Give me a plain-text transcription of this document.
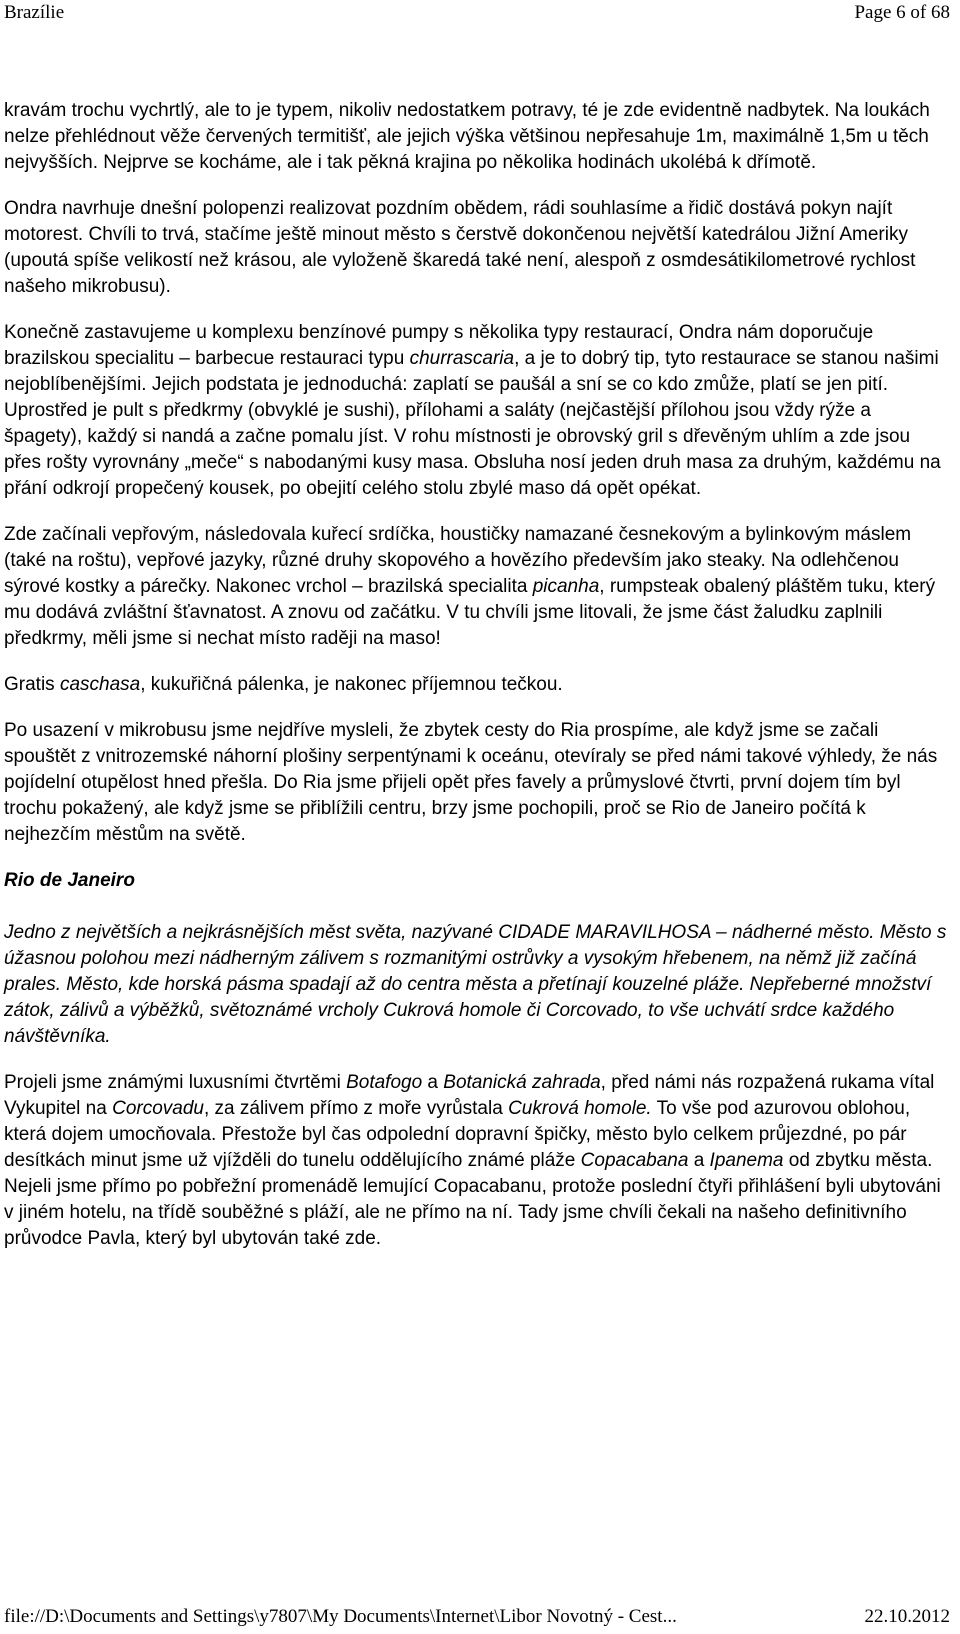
Brazílie	Page 6 of 68

kravám trochu vychrtlý, ale to je typem, nikoliv nedostatkem potravy, té je zde evidentně nadbytek. Na loukách nelze přehlédnout věže červených termitišť, ale jejich výška většinou nepřesahuje 1m, maximálně 1,5m u těch nejvyšších. Nejprve se kocháme, ale i tak pěkná krajina po několika hodinách ukolébá k dřímotě.

Ondra navrhuje dnešní polopenzi realizovat pozdním obědem, rádi souhlasíme a řidič dostává pokyn najít motorest. Chvíli to trvá, stačíme ještě minout město s čerstvě dokončenou největší katedrálou Jižní Ameriky (upoutá spíše velikostí než krásou, ale vyloženě škaredá také není, alespoň z osmdesátikilometrové rychlost našeho mikrobusu).

Konečně zastavujeme u komplexu benzínové pumpy s několika typy restaurací, Ondra nám doporučuje brazilskou specialitu – barbecue restauraci typu churrascaria, a je to dobrý tip, tyto restaurace se stanou našimi nejoblíbenějšími. Jejich podstata je jednoduchá: zaplatí se paušál a sní se co kdo zmůže, platí se jen pití. Uprostřed je pult s předkrmy (obvyklé je sushi), přílohami a saláty (nejčastější přílohou jsou vždy rýže a špagety), každý si nandá a začne pomalu jíst. V rohu místnosti je obrovský gril s dřevěným uhlím a zde jsou přes rošty vyrovnány „meče“ s nabodanými kusy masa. Obsluha nosí jeden druh masa za druhým, každému na přání odkrojí propečený kousek, po obejití celého stolu zbylé maso dá opět opékat.

Zde začínali vepřovým, následovala kuřecí srdíčka, houstičky namazané česnekovým a bylinkovým máslem (také na roštu), vepřové jazyky, různé druhy skopového a hovězího především jako steaky. Na odlehčenou sýrové kostky a párečky. Nakonec vrchol – brazilská specialita picanha, rumpsteak obalený pláštěm tuku, který mu dodává zvláštní šťavnatost. A znovu od začátku. V tu chvíli jsme litovali, že jsme část žaludku zaplnili předkrmy, měli jsme si nechat místo raději na maso!

Gratis caschasa, kukuřičná pálenka, je nakonec příjemnou tečkou.

Po usazení v mikrobusu jsme nejdříve mysleli, že zbytek cesty do Ria prospíme, ale když jsme se začali spouštět z vnitrozemské náhorní plošiny serpentýnami k oceánu, otevíraly se před námi takové výhledy, že nás pojídelní otupělost hned přešla. Do Ria jsme přijeli opět přes favely a průmyslové čtvrti, první dojem tím byl trochu pokažený, ale když jsme se přiblížili centru, brzy jsme pochopili, proč se Rio de Janeiro počítá k nejhezčím městům na světě.

Rio de Janeiro

Jedno z největších a nejkrásnějších měst světa, nazývané CIDADE MARAVILHOSA – nádherné město. Město s úžasnou polohou mezi nádherným zálivem s rozmanitými ostrůvky a vysokým hřebenem, na němž již začíná prales. Město, kde horská pásma spadají až do centra města a přetínají kouzelné pláže. Nepřeberné množství zátok, zálivů a výběžků, světoznámé vrcholy Cukrová homole či Corcovado, to vše uchvátí srdce každého návštěvníka.

Projeli jsme známými luxusními čtvrtěmi Botafogo a Botanická zahrada, před námi nás rozpažená rukama vítal Vykupitel na Corcovadu, za zálivem přímo z moře vyrůstala Cukrová homole. To vše pod azurovou oblohou, která dojem umocňovala. Přestože byl čas odpolední dopravní špičky, město bylo celkem průjezdné, po pár desítkách minut jsme už vjížděli do tunelu oddělujícího známé pláže Copacabana a Ipanema od zbytku města. Nejeli jsme přímo po pobřežní promenádě lemující Copacabanu, protože poslední čtyři přihlášení byli ubytováni v jiném hotelu, na třídě souběžné s pláží, ale ne přímo na ní. Tady jsme chvíli čekali na našeho definitivního průvodce Pavla, který byl ubytován také zde.

file://D:\Documents and Settings\y7807\My Documents\Internet\Libor Novotný - Cest...	22.10.2012
